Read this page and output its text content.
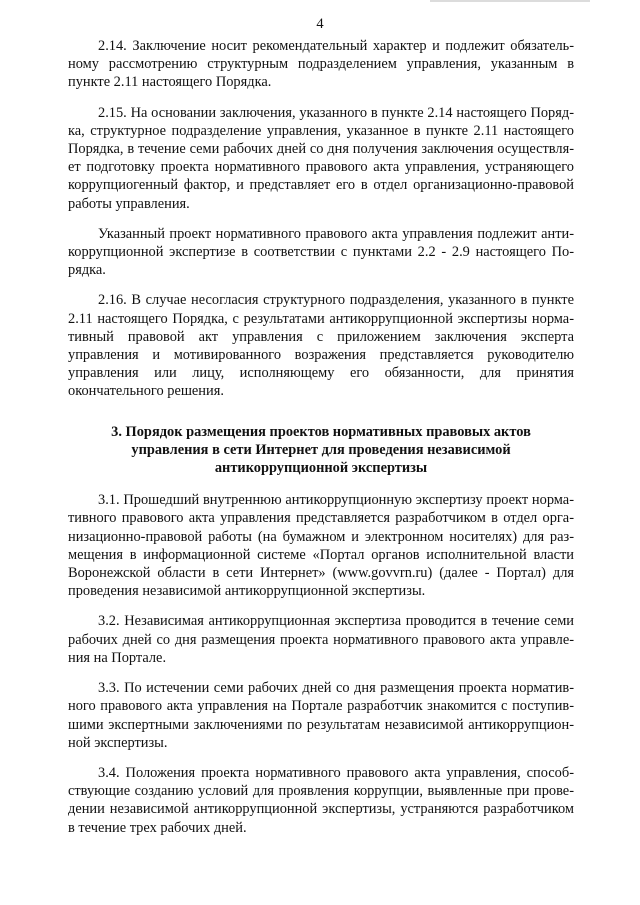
4

2.14. Заключение носит рекомендательный характер и подлежит обязательному рассмотрению структурным подразделением управления, указанным в пункте 2.11 настоящего Порядка.

2.15. На основании заключения, указанного в пункте 2.14 настоящего Порядка, структурное подразделение управления, указанное в пункте 2.11 настоящего Порядка, в течение семи рабочих дней со дня получения заключения осуществляет подготовку проекта нормативного правового акта управления, устраняющего коррупциогенный фактор, и представляет его в отдел организационно-правовой работы управления.

Указанный проект нормативного правового акта управления подлежит антикоррупционной экспертизе в соответствии с пунктами 2.2 - 2.9 настоящего Порядка.

2.16. В случае несогласия структурного подразделения, указанного в пункте 2.11 настоящего Порядка, с результатами антикоррупционной экспертизы нормативный правовой акт управления с приложением заключения эксперта управления и мотивированного возражения представляется руководителю управления или лицу, исполняющему его обязанности, для принятия окончательного решения.

3. Порядок размещения проектов нормативных правовых актов
управления в сети Интернет для проведения независимой
антикоррупционной экспертизы

3.1. Прошедший внутреннюю антикоррупционную экспертизу проект нормативного правового акта управления представляется разработчиком в отдел организационно-правовой работы (на бумажном и электронном носителях) для размещения в информационной системе «Портал органов исполнительной власти Воронежской области в сети Интернет» (www.govvrn.ru) (далее - Портал) для проведения независимой антикоррупционной экспертизы.

3.2. Независимая антикоррупционная экспертиза проводится в течение семи рабочих дней со дня размещения проекта нормативного правового акта управления на Портале.

3.3. По истечении семи рабочих дней со дня размещения проекта нормативного правового акта управления на Портале разработчик знакомится с поступившими экспертными заключениями по результатам независимой антикоррупционной экспертизы.

3.4. Положения проекта нормативного правового акта управления, способствующие созданию условий для проявления коррупции, выявленные при проведении независимой антикоррупционной экспертизы, устраняются разработчиком в течение трех рабочих дней.
